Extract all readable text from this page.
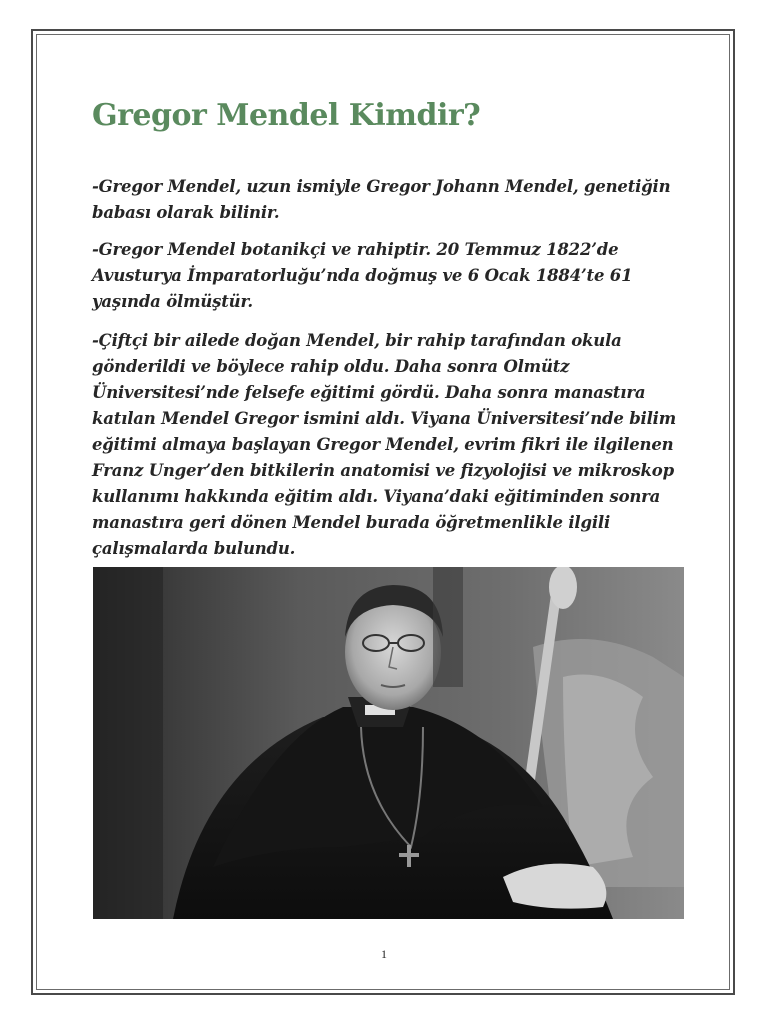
Gregor Mendel Kimdir?

-Gregor Mendel, uzun ismiyle Gregor Johann Mendel, genetiğin babası olarak bilinir.

-Gregor Mendel botanikçi ve rahiptir. 20 Temmuz 1822’de Avusturya İmparatorluğu’nda doğmuş ve 6 Ocak 1884’te 61 yaşında ölmüştür.

-Çiftçi bir ailede doğan Mendel, bir rahip tarafından okula gönderildi ve böylece rahip oldu. Daha sonra Olmütz Üniversitesi’nde felsefe eğitimi gördü. Daha sonra manastıra katılan Mendel Gregor ismini aldı. Viyana Üniversitesi’nde bilim eğitimi almaya başlayan Gregor Mendel, evrim fikri ile ilgilenen Franz Unger’den bitkilerin anatomisi ve fizyolojisi ve mikroskop kullanımı hakkında eğitim aldı. Viyana’daki eğitiminden sonra manastıra geri dönen Mendel burada öğretmenlikle ilgili çalışmalarda bulundu.

1
